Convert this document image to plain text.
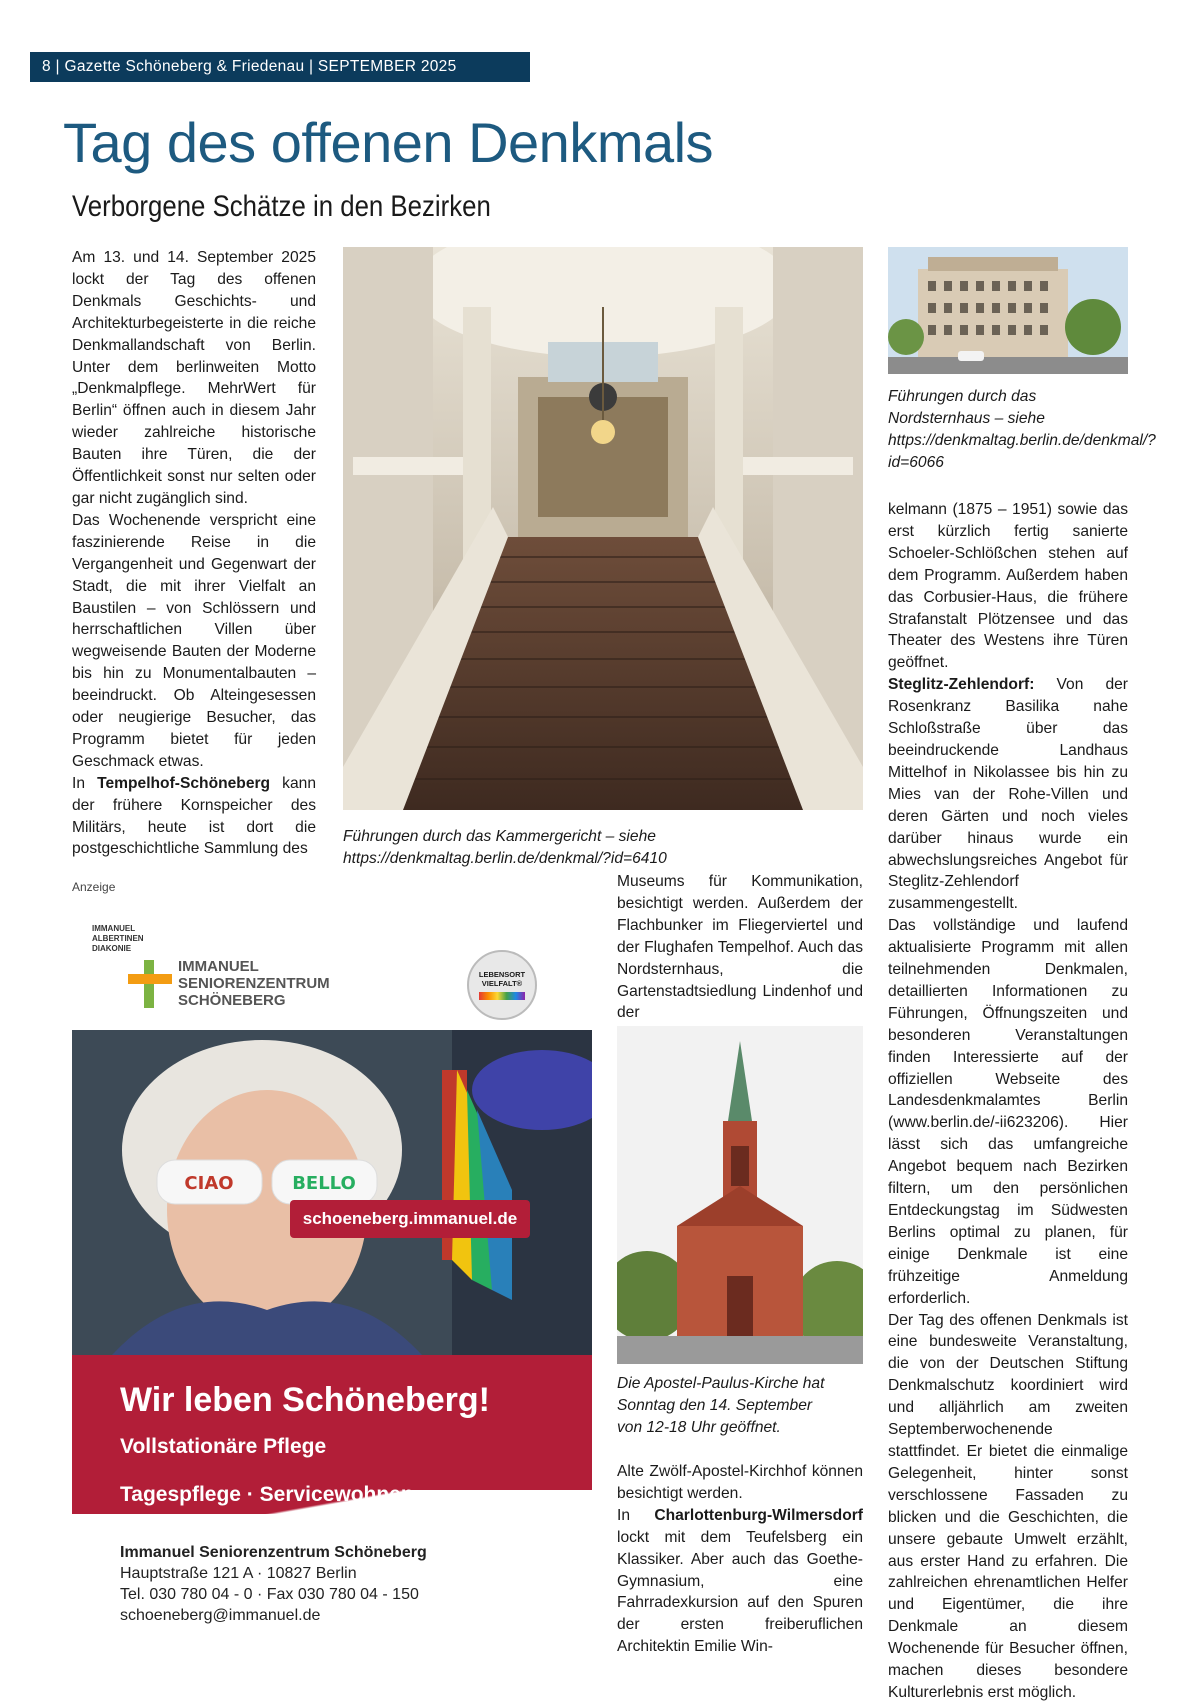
8 | Gazette Schöneberg & Friedenau | SEPTEMBER 2025
Tag des offenen Denkmals
Verborgene Schätze in den Bezirken

Am 13. und 14. September 2025 lockt der Tag des offenen Denkmals Geschichts- und Architekturbegeisterte in die reiche Denkmallandschaft von Berlin. Unter dem berlinweiten Motto „Denkmalpflege. MehrWert für Berlin“ öffnen auch in diesem Jahr wieder zahlreiche historische Bauten ihre Türen, die der Öffentlichkeit sonst nur selten oder gar nicht zugänglich sind.

Das Wochenende verspricht eine faszinierende Reise in die Vergangenheit und Gegenwart der Stadt, die mit ihrer Vielfalt an Baustilen – von Schlössern und herrschaftlichen Villen über wegweisende Bauten der Moderne bis hin zu Monumentalbauten – beeindruckt. Ob Alteingesessen oder neugierige Besucher, das Programm bietet für jeden Geschmack etwas.

In Tempelhof-Schöneberg kann der frühere Kornspeicher des Militärs, heute ist dort die postgeschichtliche Sammlung des

Führungen durch das Kammergericht – siehe https://denkmaltag.berlin.de/denkmal/?id=6410
Führungen durch das Nordsternhaus – siehe https://denkmaltag.berlin.de/denkmal/?id=6066

Museums für Kommunikation, besichtigt werden. Außerdem der Flachbunker im Fliegerviertel und der Flughafen Tempelhof. Auch das Nordsternhaus, die Gartenstadtsiedlung Lindenhof und der

Die Apostel-Paulus-Kirche hat Sonntag den 14. September von 12-18 Uhr geöffnet.

Alte Zwölf-Apostel-Kirchhof können besichtigt werden.

In Charlottenburg-Wilmersdorf lockt mit dem Teufelsberg ein Klassiker. Aber auch das Goethe-Gymnasium, eine Fahrradexkursion auf den Spuren der ersten freiberuflichen Architektin Emilie Win-

kelmann (1875 – 1951) sowie das erst kürzlich fertig sanierte Schoeler-Schlößchen stehen auf dem Programm. Außerdem haben das Corbusier-Haus, die frühere Strafanstalt Plötzensee und das Theater des Westens ihre Türen geöffnet.

Steglitz-Zehlendorf: Von der Rosenkranz Basilika nahe Schloßstraße über das beeindruckende Landhaus Mittelhof in Nikolassee bis hin zu Mies van der Rohe-Villen und deren Gärten und noch vieles darüber hinaus wurde ein abwechslungsreiches Angebot für Steglitz-Zehlendorf zusammengestellt.

Das vollständige und laufend aktualisierte Programm mit allen teilnehmenden Denkmalen, detaillierten Informationen zu Führungen, Öffnungszeiten und besonderen Veranstaltungen finden Interessierte auf der offiziellen Webseite des Landesdenkmalamtes Berlin (www.berlin.de/-ii623206). Hier lässt sich das umfangreiche Angebot bequem nach Bezirken filtern, um den persönlichen Entdeckungstag im Südwesten Berlins optimal zu planen, für einige Denkmale ist eine frühzeitige Anmeldung erforderlich.

Der Tag des offenen Denkmals ist eine bundesweite Veranstaltung, die von der Deutschen Stiftung Denkmalschutz koordiniert wird und alljährlich am zweiten Septemberwochenende stattfindet. Er bietet die einmalige Gelegenheit, hinter sonst verschlossene Fassaden zu blicken und die Geschichten, die unsere gebaute Umwelt erzählt, aus erster Hand zu erfahren. Die zahlreichen ehrenamtlichen Helfer und Eigentümer, die ihre Denkmale an diesem Wochenende für Besucher öffnen, machen dieses besondere Kulturerlebnis erst möglich.

Anzeige
IMMANUEL ALBERTINEN DIAKONIE
IMMANUEL
SENIORENZENTRUM
SCHÖNEBERG
LEBENSORT
VIELFALT®
CIAO	BELLO
schoeneberg.immanuel.de
Wir leben Schöneberg!
Vollstationäre Pflege
Tagespflege · Servicewohnen
Immanuel Seniorenzentrum Schöneberg
Hauptstraße 121 A · 10827 Berlin
Tel. 030 780 04 - 0 · Fax 030 780 04 - 150
schoeneberg@immanuel.de
